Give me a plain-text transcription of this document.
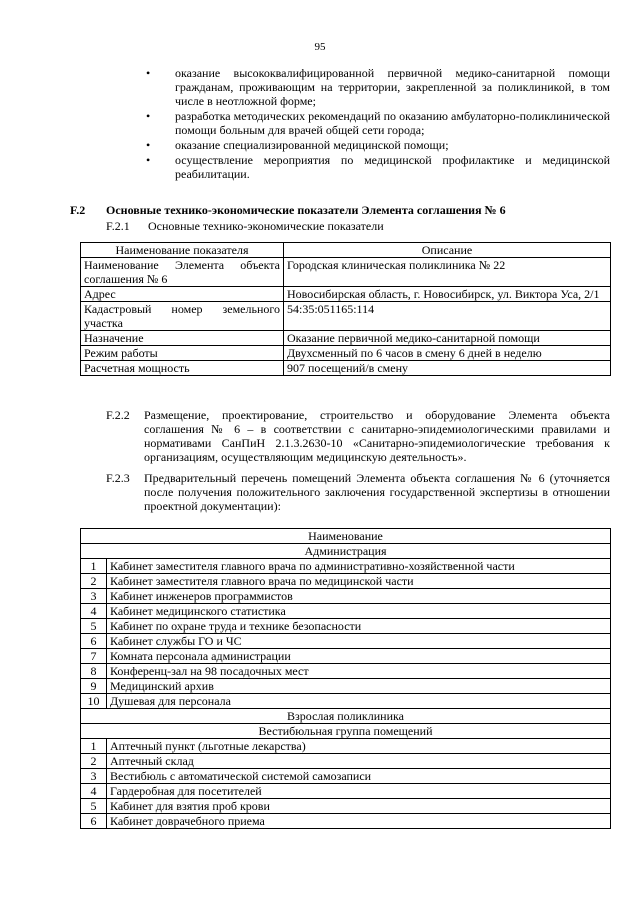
95
• оказание высококвалифицированной первичной медико-санитарной помощи гражданам, проживающим на территории, закрепленной за поликлиникой, в том числе в неотложной форме;
• разработка методических рекомендаций по оказанию амбулаторно-поликлинической помощи больным для врачей общей сети города;
• оказание специализированной медицинской помощи;
• осуществление мероприятия по медицинской профилактике и медицинской реабилитации.
F.2 Основные технико-экономические показатели Элемента соглашения № 6
F.2.1 Основные технико-экономические показатели
Наименование показателя	Описание
Наименование Элемента объекта соглашения № 6	Городская клиническая поликлиника № 22
Адрес	Новосибирская область, г. Новосибирск, ул. Виктора Уса, 2/1
Кадастровый номер земельного участка	54:35:051165:114
Назначение	Оказание первичной медико-санитарной помощи
Режим работы	Двухсменный по 6 часов в смену 6 дней в неделю
Расчетная мощность	907 посещений/в смену
F.2.2 Размещение, проектирование, строительство и оборудование Элемента объекта соглашения № 6 – в соответствии с санитарно-эпидемиологическими правилами и нормативами СанПиН 2.1.3.2630-10 «Санитарно-эпидемиологические требования к организациям, осуществляющим медицинскую деятельность».
F.2.3 Предварительный перечень помещений Элемента объекта соглашения № 6 (уточняется после получения положительного заключения государственной экспертизы в отношении проектной документации):
Наименование	
Администрация	
1	Кабинет заместителя главного врача по административно-хозяйственной части
2	Кабинет заместителя главного врача по медицинской части
3	Кабинет инженеров программистов
4	Кабинет медицинского статистика
5	Кабинет по охране труда и технике безопасности
6	Кабинет службы ГО и ЧС
7	Комната персонала администрации
8	Конференц-зал на 98 посадочных мест
9	Медицинский архив
10	Душевая для персонала
Взрослая поликлиника	
Вестибюльная группа помещений	
1	Аптечный пункт (льготные лекарства)
2	Аптечный склад
3	Вестибюль с автоматической системой самозаписи
4	Гардеробная для посетителей
5	Кабинет для взятия проб крови
6	Кабинет доврачебного приема
